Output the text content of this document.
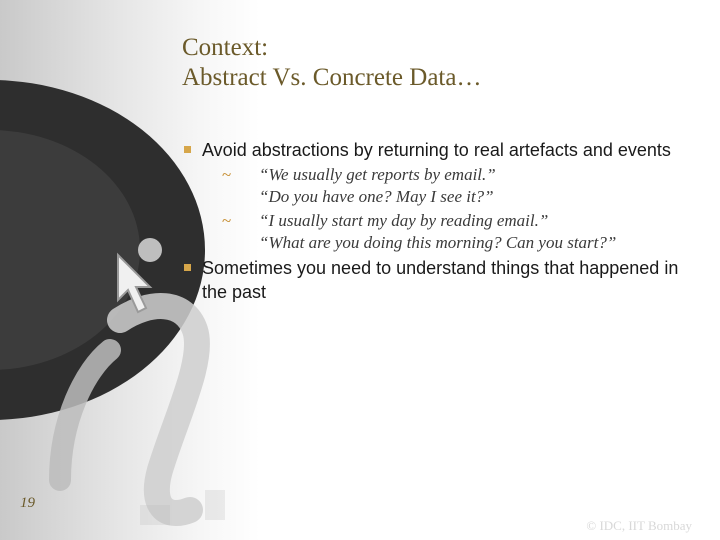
Context:
Abstract Vs. Concrete Data…
Avoid abstractions by returning to real artefacts and events
~ “We usually get reports by email.”
“Do you have one? May I see it?”
~ “I usually start my day by reading email.”
“What are you doing this morning? Can you start?”
Sometimes you need to understand things that happened in the past
19
© IDC, IIT Bombay
